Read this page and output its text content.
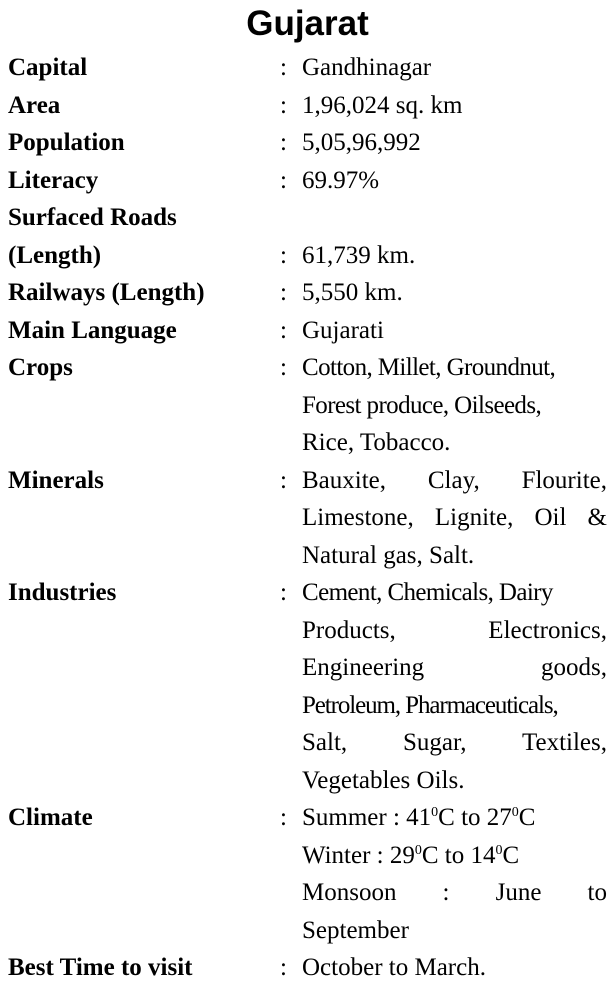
Gujarat
Capital	: Gandhinagar
Area	: 1,96,024 sq. km
Population	: 5,05,96,992
Literacy	: 69.97%
Surfaced Roads
(Length)	: 61,739 km.
Railways (Length)	: 5,550 km.
Main Language	: Gujarati
Crops	: Cotton, Millet, Groundnut,
Forest produce, Oilseeds,
Rice, Tobacco.
Minerals	: Bauxite, Clay, Flourite,
Limestone, Lignite, Oil &
Natural gas, Salt.
Industries	: Cement, Chemicals, Dairy
Products, Electronics,
Engineering goods,
Petroleum, Pharmaceuticals,
Salt, Sugar, Textiles,
Vegetables Oils.
Climate	: Summer : $41^0C$ to $27^0C$
Winter : $29^0C$ to $14^0C$
Monsoon : June to
September
Best Time to visit	: October to March.
